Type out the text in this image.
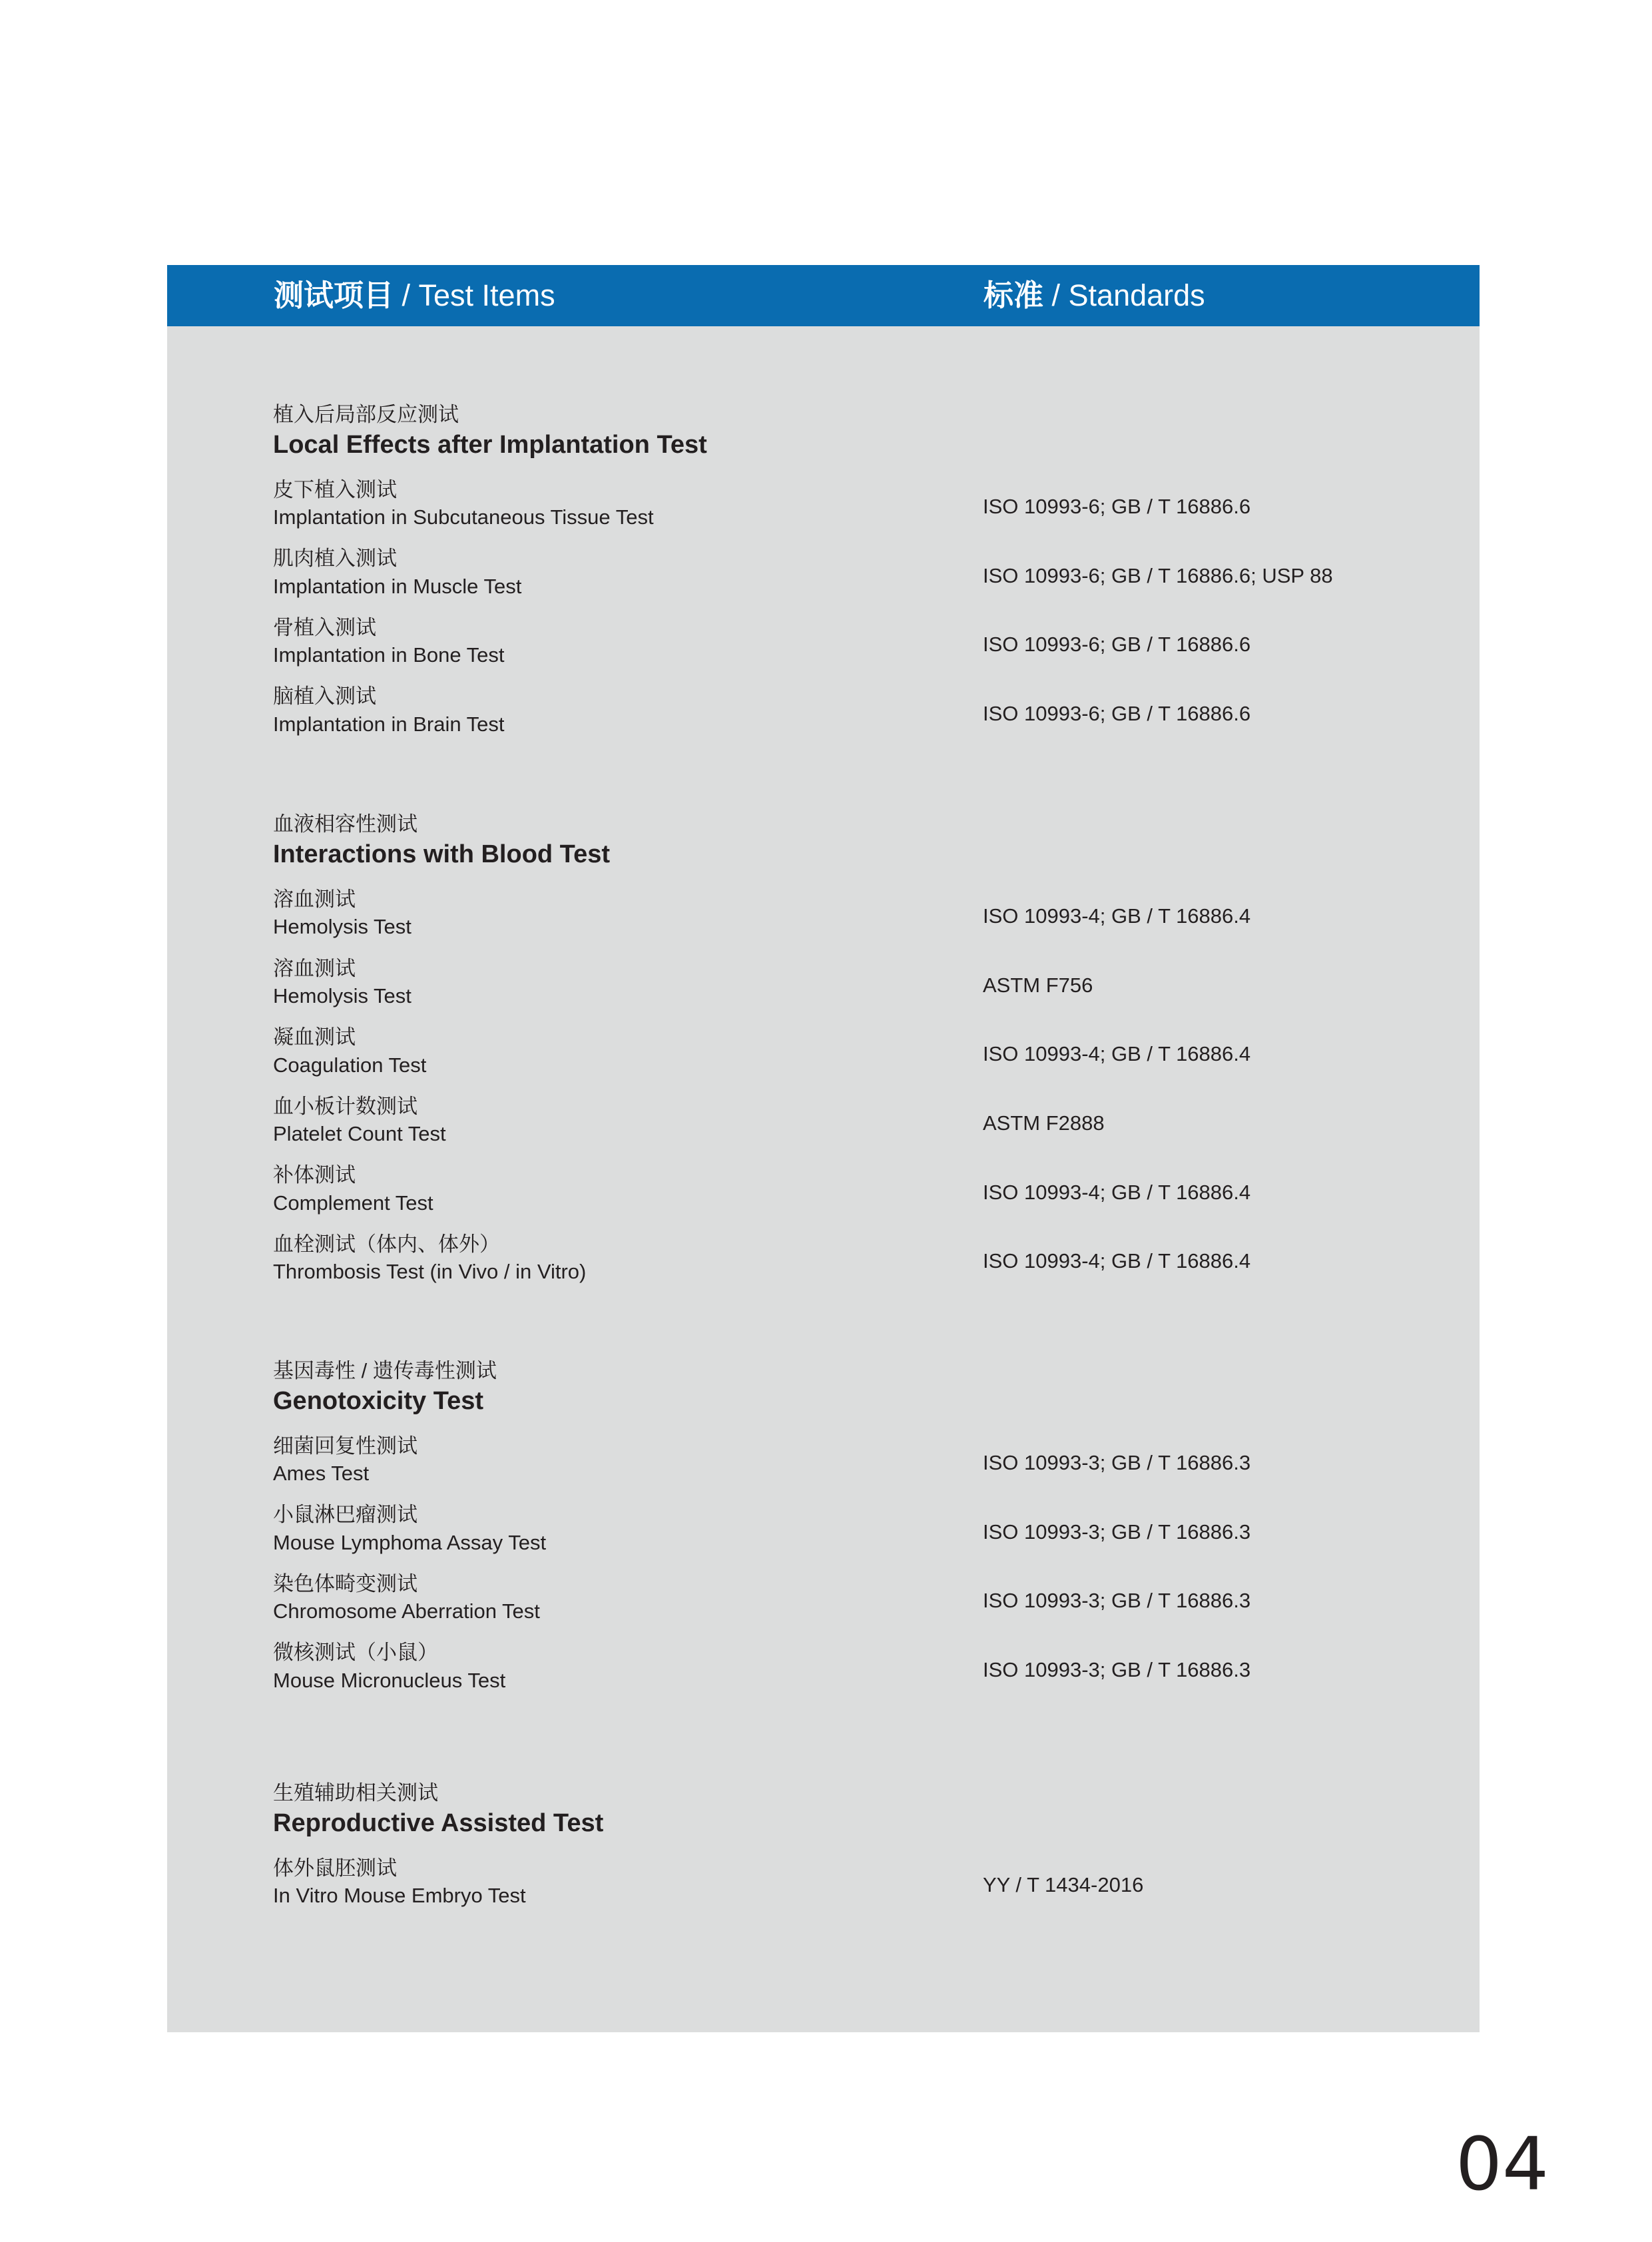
测试项目 / Test Items	标准 / Standards
植入后局部反应测试
Local Effects after Implantation Test
皮下植入测试
Implantation in Subcutaneous Tissue Test	ISO 10993-6; GB / T 16886.6
肌肉植入测试
Implantation in Muscle Test	ISO 10993-6; GB / T 16886.6; USP 88
骨植入测试
Implantation in Bone Test	ISO 10993-6; GB / T 16886.6
脑植入测试
Implantation in Brain Test	ISO 10993-6; GB / T 16886.6
血液相容性测试
Interactions with Blood Test
溶血测试
Hemolysis Test	ISO 10993-4; GB / T 16886.4
溶血测试
Hemolysis Test	ASTM F756
凝血测试
Coagulation Test	ISO 10993-4; GB / T 16886.4
血小板计数测试
Platelet Count Test	ASTM F2888
补体测试
Complement Test	ISO 10993-4; GB / T 16886.4
血栓测试（体内、体外）
Thrombosis Test (in Vivo / in Vitro)	ISO 10993-4; GB / T 16886.4
基因毒性 / 遗传毒性测试
Genotoxicity Test
细菌回复性测试
Ames Test	ISO 10993-3; GB / T 16886.3
小鼠淋巴瘤测试
Mouse Lymphoma Assay Test	ISO 10993-3; GB / T 16886.3
染色体畸变测试
Chromosome Aberration Test	ISO 10993-3; GB / T 16886.3
微核测试（小鼠）
Mouse Micronucleus Test	ISO 10993-3; GB / T 16886.3
生殖辅助相关测试
Reproductive Assisted Test
体外鼠胚测试
In Vitro Mouse Embryo Test	YY / T 1434-2016
04
